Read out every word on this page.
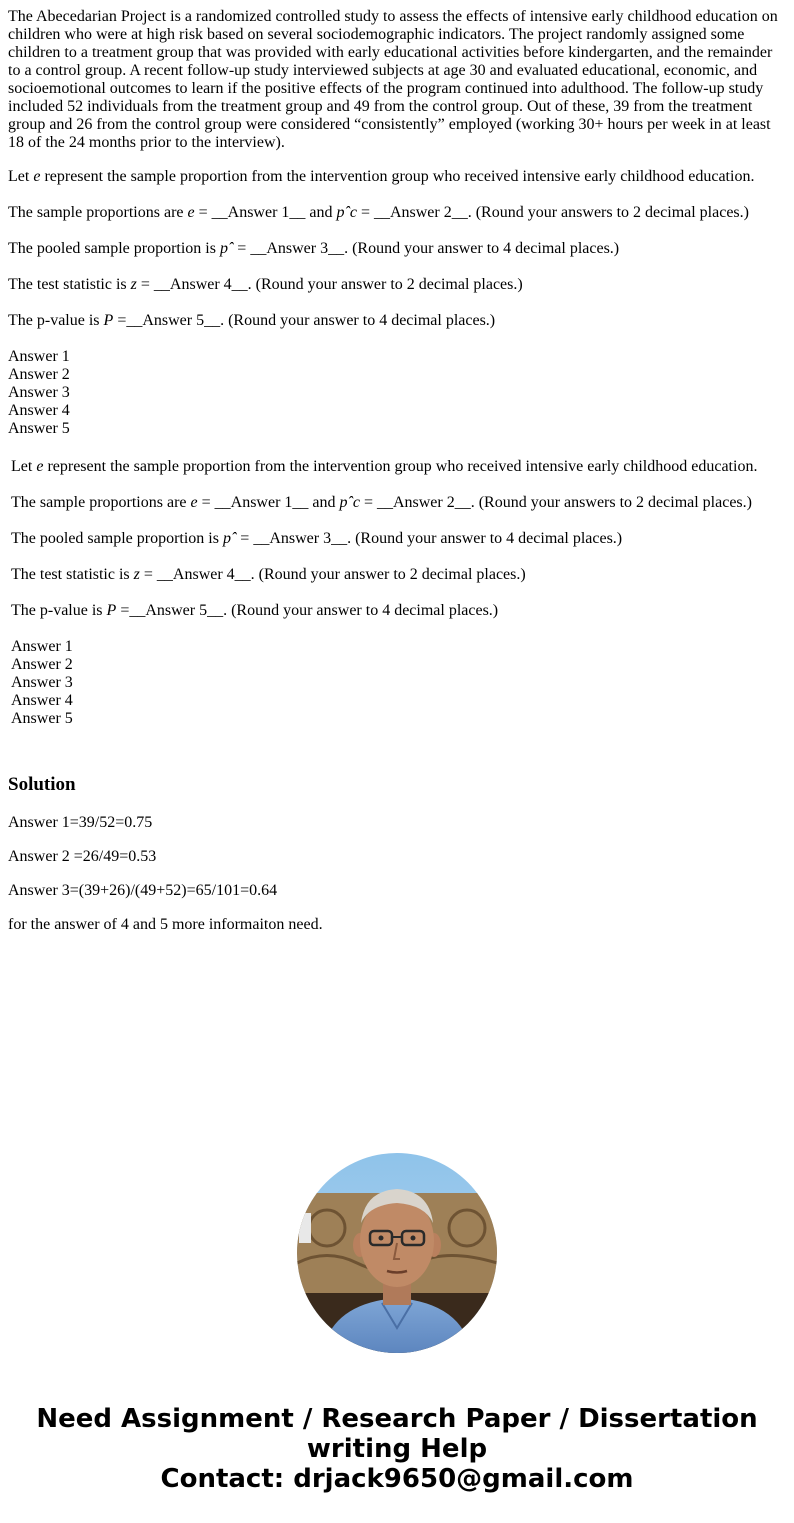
The Abecedarian Project is a randomized controlled study to assess the effects of intensive early childhood education on children who were at high risk based on several sociodemographic indicators. The project randomly assigned some children to a treatment group that was provided with early educational activities before kindergarten, and the remainder to a control group. A recent follow-up study interviewed subjects at age 30 and evaluated educational, economic, and socioemotional outcomes to learn if the positive effects of the program continued into adulthood. The follow-up study included 52 individuals from the treatment group and 49 from the control group. Out of these, 39 from the treatment group and 26 from the control group were considered “consistently” employed (working 30+ hours per week in at least 18 of the 24 months prior to the interview).
Let e represent the sample proportion from the intervention group who received intensive early childhood education.
The sample proportions are e = __Answer 1__ and pˆc = __Answer 2__. (Round your answers to 2 decimal places.)
The pooled sample proportion is pˆ = __Answer 3__. (Round your answer to 4 decimal places.)
The test statistic is z = __Answer 4__. (Round your answer to 2 decimal places.)
The p-value is P =__Answer 5__. (Round your answer to 4 decimal places.)
Answer 1
Answer 2
Answer 3
Answer 4
Answer 5
Let e represent the sample proportion from the intervention group who received intensive early childhood education.
The sample proportions are e = __Answer 1__ and pˆc = __Answer 2__. (Round your answers to 2 decimal places.)
The pooled sample proportion is pˆ = __Answer 3__. (Round your answer to 4 decimal places.)
The test statistic is z = __Answer 4__. (Round your answer to 2 decimal places.)
The p-value is P =__Answer 5__. (Round your answer to 4 decimal places.)
Answer 1
Answer 2
Answer 3
Answer 4
Answer 5
Solution
Answer 1=39/52=0.75
Answer 2 =26/49=0.53
Answer 3=(39+26)/(49+52)=65/101=0.64
for the answer of 4 and 5 more informaiton need.
Need Assignment / Research Paper / Dissertation
writing Help
Contact: drjack9650@gmail.com
